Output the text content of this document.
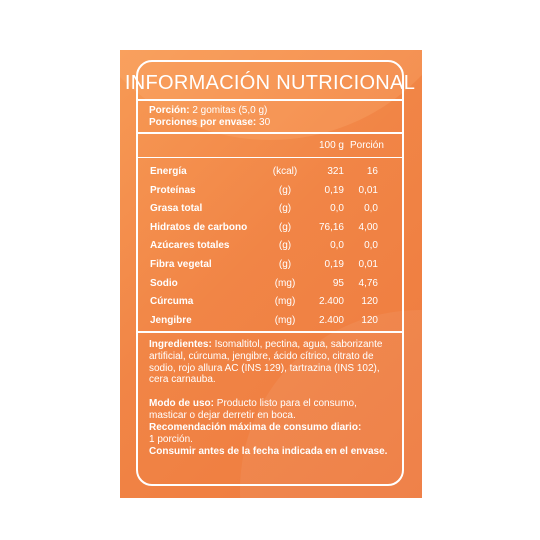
INFORMACIÓN NUTRICIONAL
Porción: 2 gomitas (5,0 g)
Porciones por envase: 30
100 g Porción
Energía	(kcal)	321	16
Proteínas	(g)	0,19	0,01
Grasa total	(g)	0,0	0,0
Hidratos de carbono	(g)	76,16	4,00
Azúcares totales	(g)	0,0	0,0
Fibra vegetal	(g)	0,19	0,01
Sodio	(mg)	95	4,76
Cúrcuma	(mg)	2.400	120
Jengibre	(mg)	2.400	120
Ingredientes: Isomaltitol, pectina, agua, saborizante artificial, cúrcuma, jengibre, ácido cítrico, citrato de sodio, rojo allura AC (INS 129), tartrazina (INS 102), cera carnauba.
Modo de uso: Producto listo para el consumo, masticar o dejar derretir en boca.
Recomendación máxima de consumo diario:
1 porción.
Consumir antes de la fecha indicada en el envase.
